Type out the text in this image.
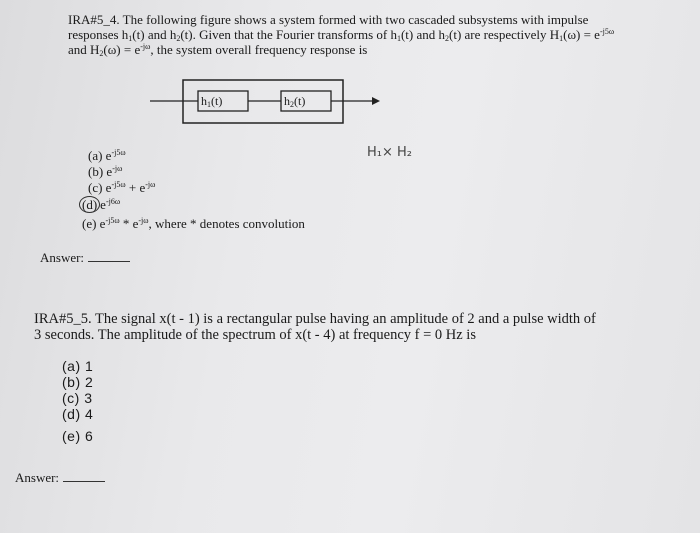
IRA#5_4. The following figure shows a system formed with two cascaded subsystems with impulse
responses $h_1(t)$ and $h_2(t)$. Given that the Fourier transforms of $h_1(t)$ and $h_2(t)$ are respectively $H_1(\omega) = e^{-j5\omega}$
and $H_2(\omega) = e^{-j\omega}$, the system overall frequency response is
$h_1(t)$	$h_2(t)$
H₁× H₂
(a) $e^{-j5\omega}$
(b) $e^{-j\omega}$
(c) $e^{-j5\omega} + e^{-j\omega}$
(d) $e^{-j6\omega}$
(e) $e^{-j5\omega} * e^{-j\omega}$, where * denotes convolution
Answer:
IRA#5_5. The signal x(t - 1) is a rectangular pulse having an amplitude of 2 and a pulse width of
3 seconds. The amplitude of the spectrum of x(t - 4) at frequency f = 0 Hz is
(a) 1
(b) 2
(c) 3
(d) 4
(e) 6
Answer:
